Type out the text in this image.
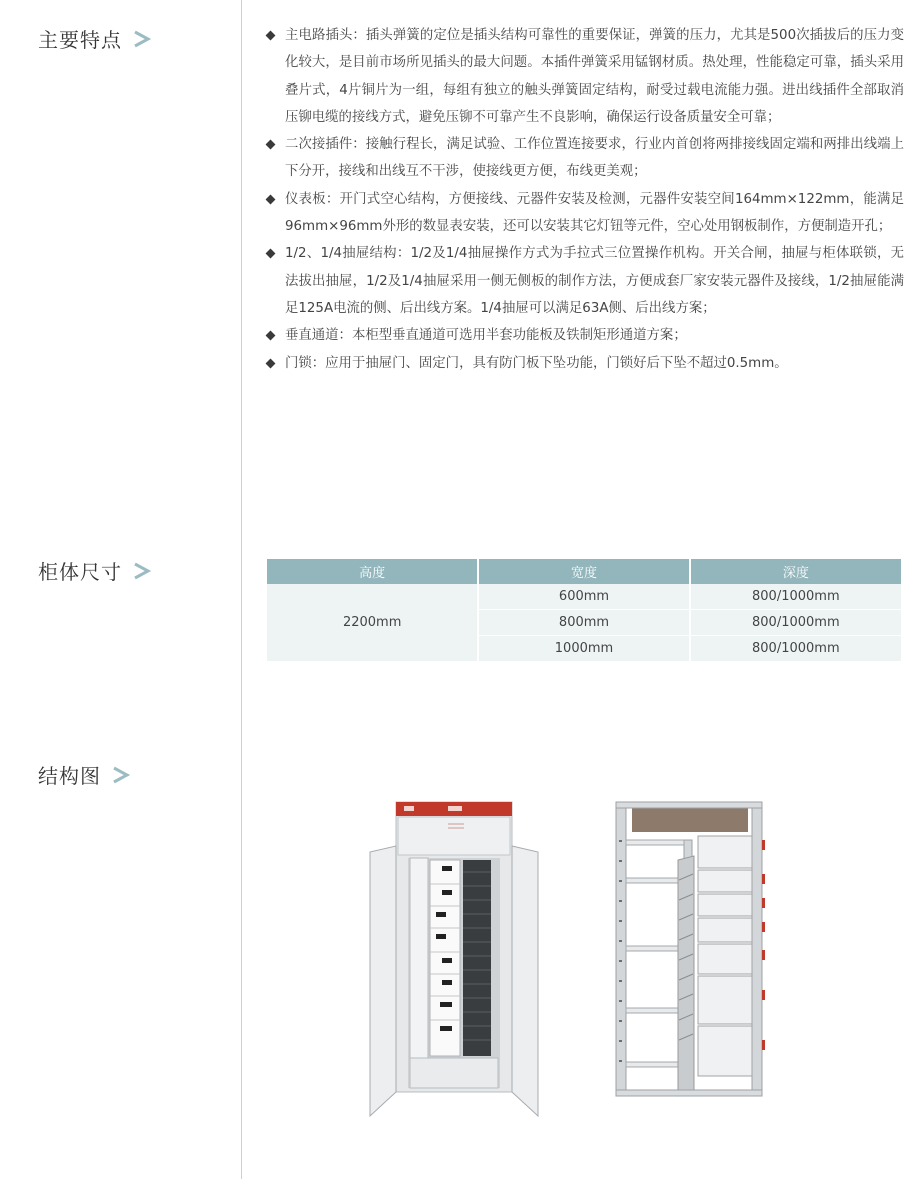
主要特点	主电路插头：插头弹簧的定位是插头结构可靠性的重要保证，弹簧的压力，尤其是500次插拔后的压力变化较大，是目前市场所见插头的最大问题。本插件弹簧采用锰钢材质。热处理，性能稳定可靠，插头采用叠片式，4片铜片为一组，每组有独立的触头弹簧固定结构，耐受过载电流能力强。进出线插件全部取消压铆电缆的接线方式，避免压铆不可靠产生不良影响，确保运行设备质量安全可靠；
二次接插件：接触行程长，满足试验、工作位置连接要求，行业内首创将两排接线固定端和两排出线端上下分开，接线和出线互不干涉，使接线更方便，布线更美观；
仪表板：开门式空心结构，方便接线、元器件安装及检测，元器件安装空间164mm×122mm，能满足96mm×96mm外形的数显表安装，还可以安装其它灯钮等元件，空心处用钢板制作，方便制造开孔；
1/2、1/4抽屉结构：1/2及1/4抽屉操作方式为手拉式三位置操作机构。开关合闸，抽屉与柜体联锁，无法拔出抽屉，1/2及1/4抽屉采用一侧无侧板的制作方法，方便成套厂家安装元器件及接线，1/2抽屉能满足125A电流的侧、后出线方案。1/4抽屉可以满足63A侧、后出线方案；
垂直通道：本柜型垂直通道可选用半套功能板及铁制矩形通道方案；
门锁：应用于抽屉门、固定门，具有防门板下坠功能，门锁好后下坠不超过0.5mm。
柜体尺寸	高度	宽度	深度
2200mm	600mm	800/1000mm
	800mm	800/1000mm
	1000mm	800/1000mm
结构图
